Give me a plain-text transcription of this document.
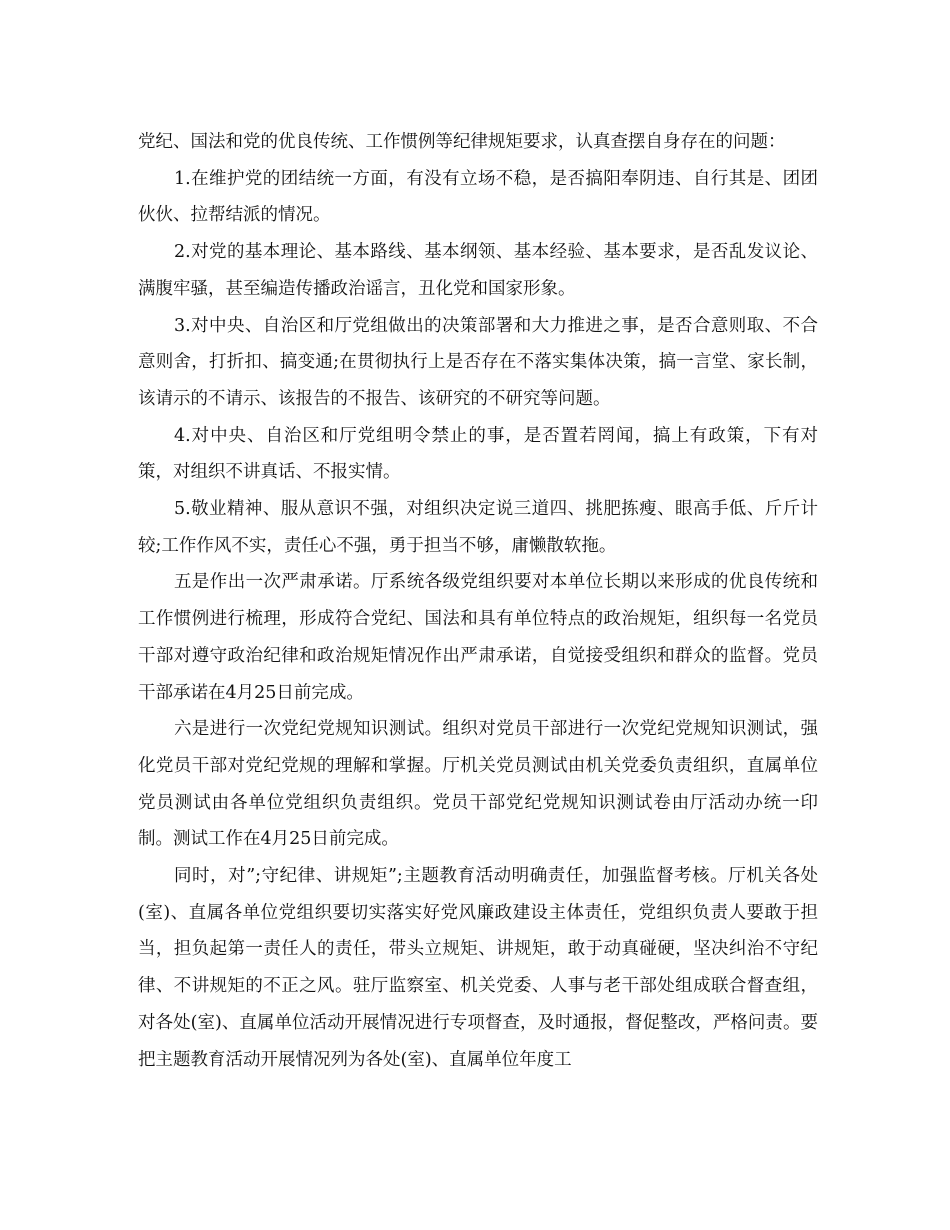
党纪、国法和党的优良传统、工作惯例等纪律规矩要求，认真查摆自身存在的问题：

1.在维护党的团结统一方面，有没有立场不稳，是否搞阳奉阴违、自行其是、团团伙伙、拉帮结派的情况。

2.对党的基本理论、基本路线、基本纲领、基本经验、基本要求，是否乱发议论、满腹牢骚，甚至编造传播政治谣言，丑化党和国家形象。

3.对中央、自治区和厅党组做出的决策部署和大力推进之事，是否合意则取、不合意则舍，打折扣、搞变通;在贯彻执行上是否存在不落实集体决策，搞一言堂、家长制，该请示的不请示、该报告的不报告、该研究的不研究等问题。

4.对中央、自治区和厅党组明令禁止的事，是否置若罔闻，搞上有政策，下有对策，对组织不讲真话、不报实情。

5.敬业精神、服从意识不强，对组织决定说三道四、挑肥拣瘦、眼高手低、斤斤计较;工作作风不实，责任心不强，勇于担当不够，庸懒散软拖。

五是作出一次严肃承诺。厅系统各级党组织要对本单位长期以来形成的优良传统和工作惯例进行梳理，形成符合党纪、国法和具有单位特点的政治规矩，组织每一名党员干部对遵守政治纪律和政治规矩情况作出严肃承诺，自觉接受组织和群众的监督。党员干部承诺在4月25日前完成。

六是进行一次党纪党规知识测试。组织对党员干部进行一次党纪党规知识测试，强化党员干部对党纪党规的理解和掌握。厅机关党员测试由机关党委负责组织，直属单位党员测试由各单位党组织负责组织。党员干部党纪党规知识测试卷由厅活动办统一印制。测试工作在4月25日前完成。

同时，对”;守纪律、讲规矩”;主题教育活动明确责任，加强监督考核。厅机关各处(室)、直属各单位党组织要切实落实好党风廉政建设主体责任，党组织负责人要敢于担当，担负起第一责任人的责任，带头立规矩、讲规矩，敢于动真碰硬，坚决纠治不守纪律、不讲规矩的不正之风。驻厅监察室、机关党委、人事与老干部处组成联合督查组，对各处(室)、直属单位活动开展情况进行专项督查，及时通报，督促整改，严格问责。要把主题教育活动开展情况列为各处(室)、直属单位年度工
